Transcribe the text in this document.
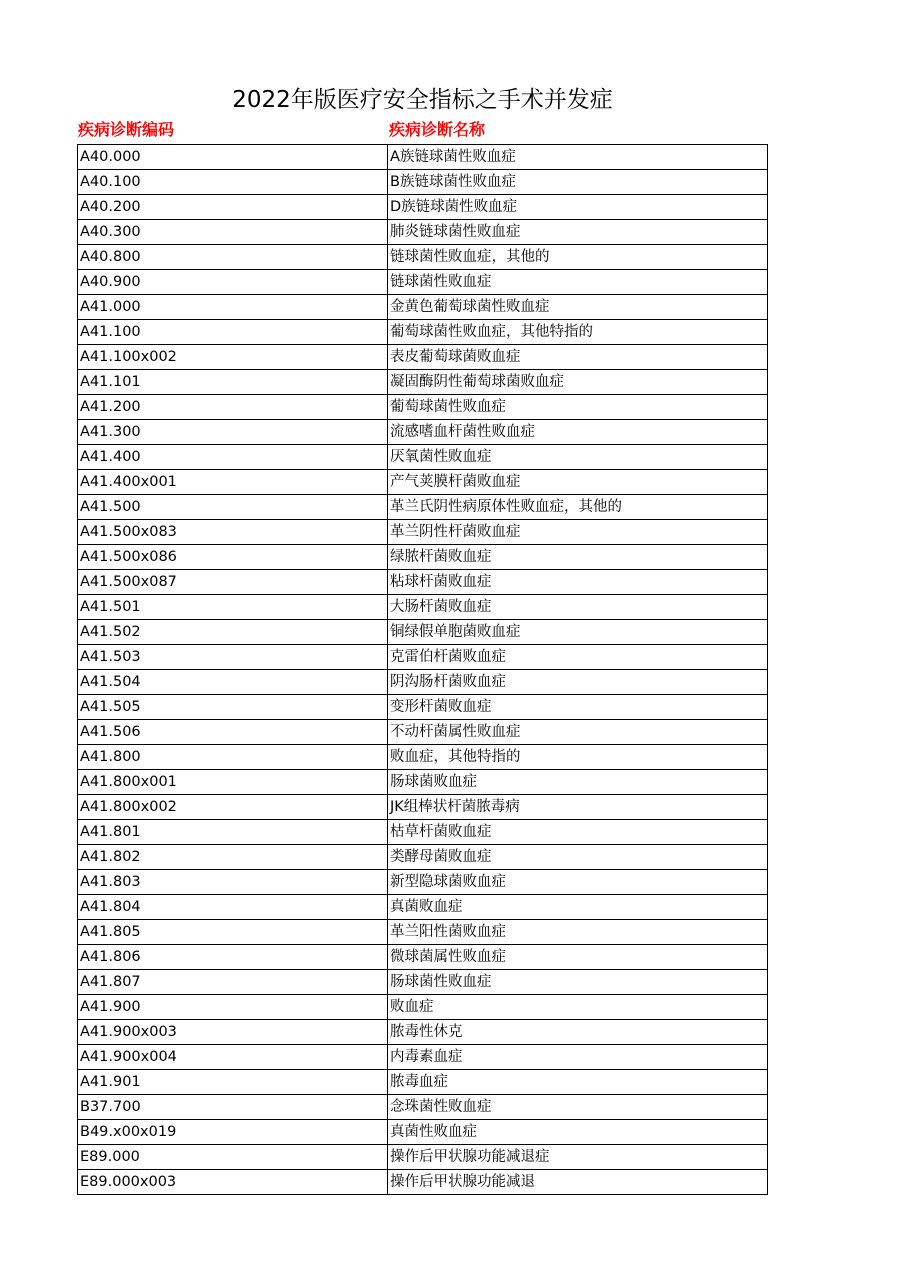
2022年版医疗安全指标之手术并发症
疾病诊断编码	疾病诊断名称
A40.000	A族链球菌性败血症
A40.100	B族链球菌性败血症
A40.200	D族链球菌性败血症
A40.300	肺炎链球菌性败血症
A40.800	链球菌性败血症，其他的
A40.900	链球菌性败血症
A41.000	金黄色葡萄球菌性败血症
A41.100	葡萄球菌性败血症，其他特指的
A41.100x002	表皮葡萄球菌败血症
A41.101	凝固酶阴性葡萄球菌败血症
A41.200	葡萄球菌性败血症
A41.300	流感嗜血杆菌性败血症
A41.400	厌氧菌性败血症
A41.400x001	产气荚膜杆菌败血症
A41.500	革兰氏阴性病原体性败血症，其他的
A41.500x083	革兰阴性杆菌败血症
A41.500x086	绿脓杆菌败血症
A41.500x087	粘球杆菌败血症
A41.501	大肠杆菌败血症
A41.502	铜绿假单胞菌败血症
A41.503	克雷伯杆菌败血症
A41.504	阴沟肠杆菌败血症
A41.505	变形杆菌败血症
A41.506	不动杆菌属性败血症
A41.800	败血症，其他特指的
A41.800x001	肠球菌败血症
A41.800x002	JK组棒状杆菌脓毒病
A41.801	枯草杆菌败血症
A41.802	类酵母菌败血症
A41.803	新型隐球菌败血症
A41.804	真菌败血症
A41.805	革兰阳性菌败血症
A41.806	微球菌属性败血症
A41.807	肠球菌性败血症
A41.900	败血症
A41.900x003	脓毒性休克
A41.900x004	内毒素血症
A41.901	脓毒血症
B37.700	念珠菌性败血症
B49.x00x019	真菌性败血症
E89.000	操作后甲状腺功能减退症
E89.000x003	操作后甲状腺功能减退
